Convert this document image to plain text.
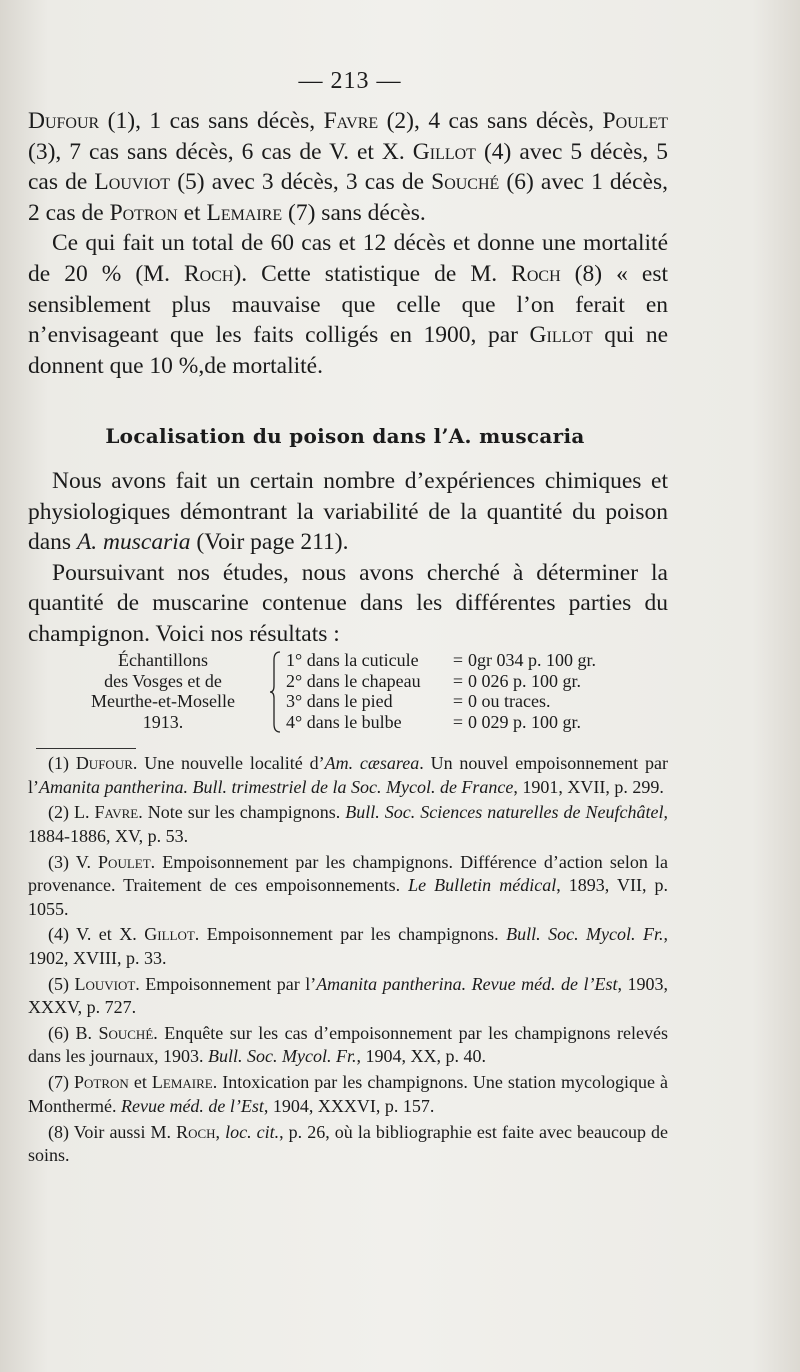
— 213 —

Dufour (1), 1 cas sans décès, Favre (2), 4 cas sans décès, Poulet (3), 7 cas sans décès, 6 cas de V. et X. Gillot (4) avec 5 décès, 5 cas de Louviot (5) avec 3 décès, 3 cas de Souché (6) avec 1 décès, 2 cas de Potron et Lemaire (7) sans décès.

Ce qui fait un total de 60 cas et 12 décès et donne une mortalité de 20 % (M. Roch). Cette statistique de M. Roch (8) « est sensiblement plus mauvaise que celle que l’on ferait en n’envisageant que les faits colligés en 1900, par Gillot qui ne donnent que 10 %,de mortalité.

Localisation du poison dans l’A. muscaria

Nous avons fait un certain nombre d’expériences chimiques et physiologiques démontrant la variabilité de la quantité du poison dans A. muscaria (Voir page 211).

Poursuivant nos études, nous avons cherché à déterminer la quantité de muscarine contenue dans les différentes parties du champignon. Voici nos résultats :

Échantillons
des Vosges et de
Meurthe-et-Moselle
1913.
1° dans la cuticule = 0gr 034 p. 100 gr.
2° dans le chapeau = 0 026 p. 100 gr.
3° dans le pied	= 0 ou traces.
4° dans le bulbe	= 0 029 p. 100 gr.

(1) Dufour. Une nouvelle localité d’Am. cæsarea. Un nouvel empoisonnement par l’Amanita pantherina. Bull. trimestriel de la Soc. Mycol. de France, 1901, XVII, p. 299.

(2) L. Favre. Note sur les champignons. Bull. Soc. Sciences naturelles de Neufchâtel, 1884-1886, XV, p. 53.

(3) V. Poulet. Empoisonnement par les champignons. Différence d’action selon la provenance. Traitement de ces empoisonnements. Le Bulletin médical, 1893, VII, p. 1055.

(4) V. et X. Gillot. Empoisonnement par les champignons. Bull. Soc. Mycol. Fr., 1902, XVIII, p. 33.

(5) Louviot. Empoisonnement par l’Amanita pantherina. Revue méd. de l’Est, 1903, XXXV, p. 727.

(6) B. Souché. Enquête sur les cas d’empoisonnement par les champignons relevés dans les journaux, 1903. Bull. Soc. Mycol. Fr., 1904, XX, p. 40.

(7) Potron et Lemaire. Intoxication par les champignons. Une station mycologique à Monthermé. Revue méd. de l’Est, 1904, XXXVI, p. 157.

(8) Voir aussi M. Roch, loc. cit., p. 26, où la bibliographie est faite avec beaucoup de soins.
